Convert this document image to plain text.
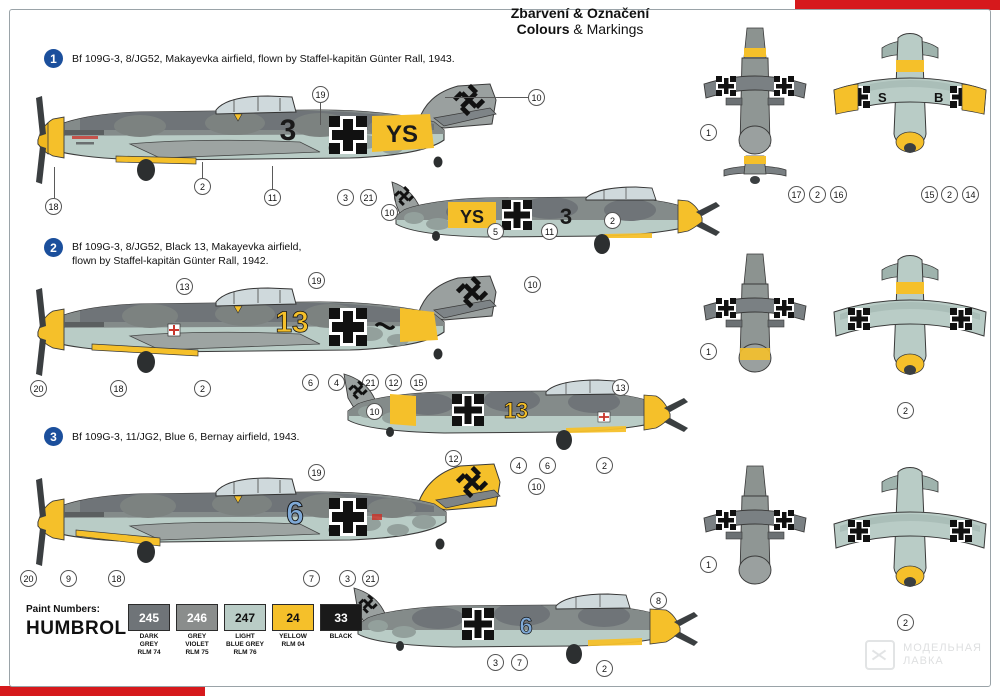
Zbarvení & Označení
Colours & Markings
1	Bf 109G-3, 8/JG52, Makayevka airfield, flown by Staffel-kapitän Günter Rall, 1943.
3	YS
19	10
18
2
11	3	21
YS	3
10
5	11
2
1
S	B
17	2	16	15	2	14
2	Bf 109G-3, 8/JG52, Black 13, Makayevka airfield,
flown by Staffel-kapitän Günter Rall, 1942.
13
13
19	10
20	18	2
6	4	21	12	15
13
10
13
4	6	2
1
2
3	Bf 109G-3, 11/JG2, Blue 6, Bernay airfield, 1943.
6
19
10
20	9	18	7	3	21
12
6
8
3	7
2
1
2
Paint Numbers:
HUMBROL
245
DARK
GREY
RLM 74
246
GREY
VIOLET
RLM 75
247
LIGHT
BLUE GREY
RLM 76
24
YELLOW
RLM 04
33
BLACK
МОДЕЛЬНАЯ
ЛАВКА
